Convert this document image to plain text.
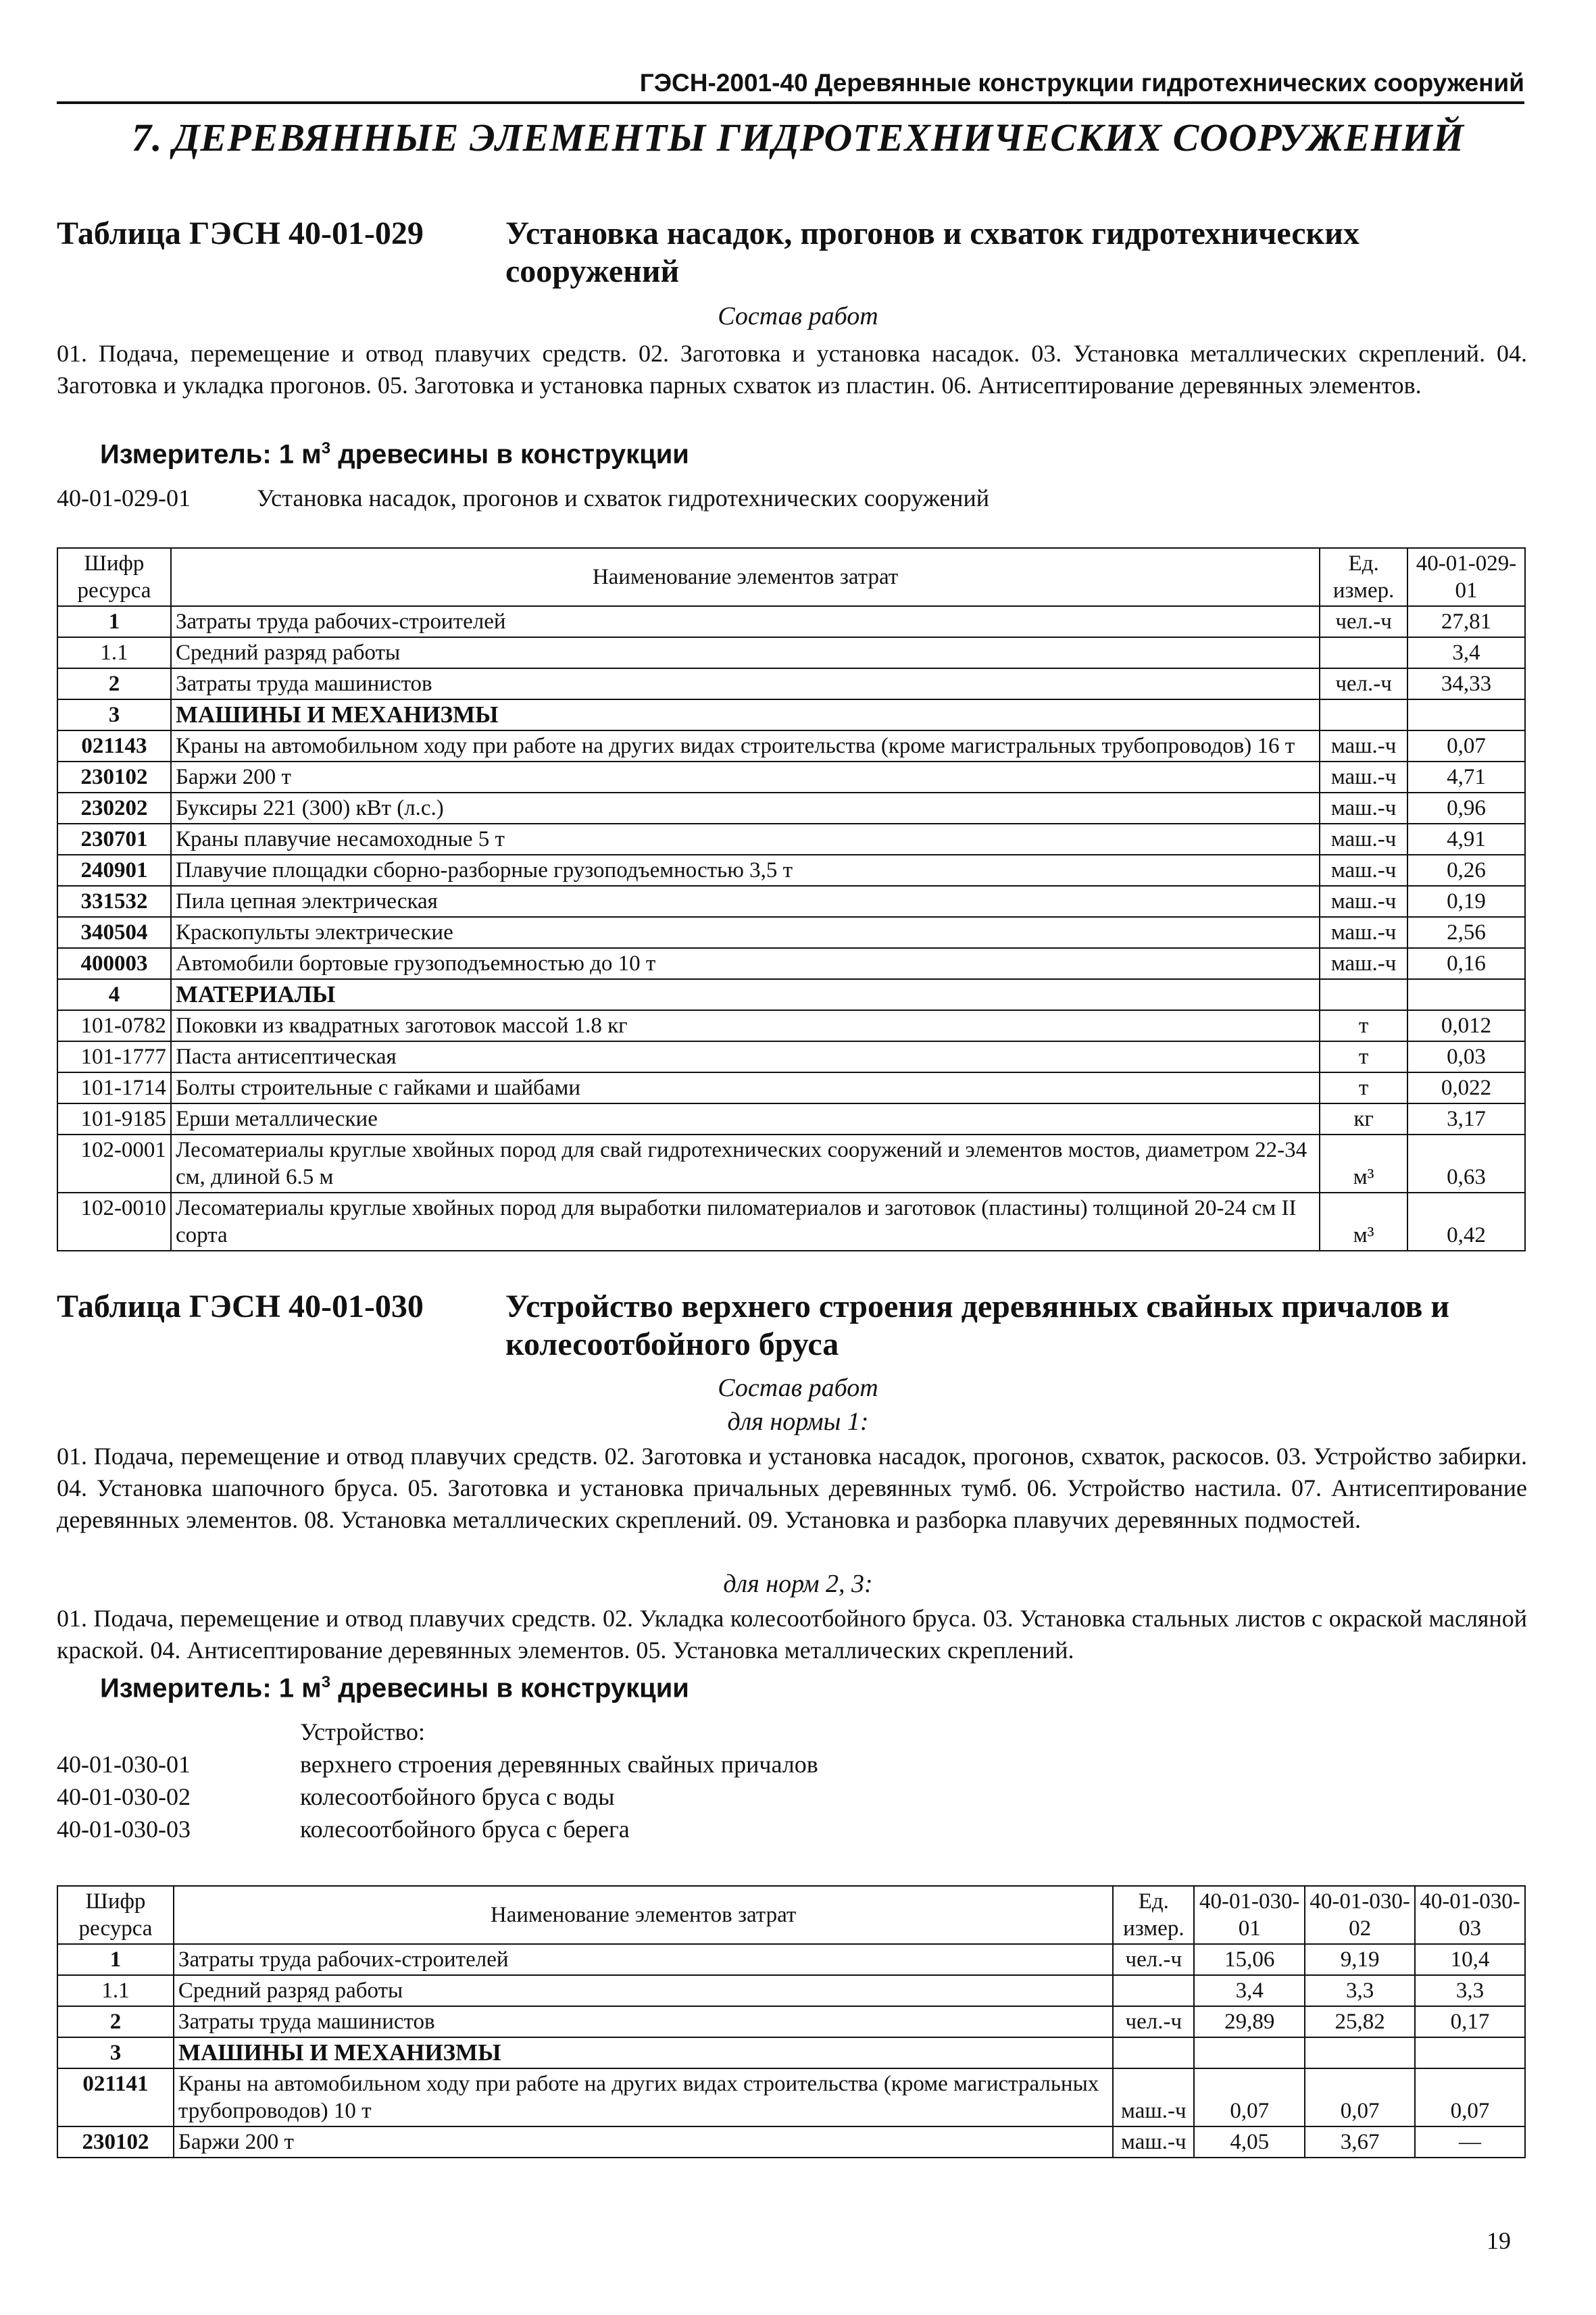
ГЭСН-2001-40 Деревянные конструкции гидротехнических сооружений
7. ДЕРЕВЯННЫЕ ЭЛЕМЕНТЫ ГИДРОТЕХНИЧЕСКИХ СООРУЖЕНИЙ
Таблица ГЭСН 40-01-029	Установка насадок, прогонов и схваток гидротехнических сооружений
Состав работ
01. Подача, перемещение и отвод плавучих средств. 02. Заготовка и установка насадок. 03. Установка металлических скреплений. 04. Заготовка и укладка прогонов. 05. Заготовка и установка парных схваток из пластин. 06. Антисептирование деревянных элементов.
Измеритель: 1 $м^3$ древесины в конструкции
40-01-029-01	Установка насадок, прогонов и схваток гидротехнических сооружений
Шифр ресурса	Наименование элементов затрат	Ед. измер.	40-01-029-01
1	Затраты труда рабочих-строителей	чел.-ч	27,81
1.1	Средний разряд работы		3,4
2	Затраты труда машинистов	чел.-ч	34,33
3	МАШИНЫ И МЕХАНИЗМЫ		
021143	Краны на автомобильном ходу при работе на других видах строительства (кроме магистральных трубопроводов) 16 т	маш.-ч	0,07
230102	Баржи 200 т	маш.-ч	4,71
230202	Буксиры 221 (300) кВт (л.с.)	маш.-ч	0,96
230701	Краны плавучие несамоходные 5 т	маш.-ч	4,91
240901	Плавучие площадки сборно-разборные грузоподъемностью 3,5 т	маш.-ч	0,26
331532	Пила цепная электрическая	маш.-ч	0,19
340504	Краскопульты электрические	маш.-ч	2,56
400003	Автомобили бортовые грузоподъемностью до 10 т	маш.-ч	0,16
4	МАТЕРИАЛЫ		
101-0782	Поковки из квадратных заготовок массой 1.8 кг	т	0,012
101-1777	Паста антисептическая	т	0,03
101-1714	Болты строительные с гайками и шайбами	т	0,022
101-9185	Ерши металлические	кг	3,17
102-0001	Лесоматериалы круглые хвойных пород для свай гидротехнических сооружений и элементов мостов, диаметром 22-34 см, длиной 6.5 м	м³	0,63
102-0010	Лесоматериалы круглые хвойных пород для выработки пиломатериалов и заготовок (пластины) толщиной 20-24 см II сорта	м³	0,42
Таблица ГЭСН 40-01-030	Устройство верхнего строения деревянных свайных причалов и колесоотбойного бруса
Состав работ
для нормы 1:
01. Подача, перемещение и отвод плавучих средств. 02. Заготовка и установка насадок, прогонов, схваток, раскосов. 03. Устройство забирки. 04. Установка шапочного бруса. 05. Заготовка и установка причальных деревянных тумб. 06. Устройство настила. 07. Антисептирование деревянных элементов. 08. Установка металлических скреплений. 09. Установка и разборка плавучих деревянных подмостей.
для норм 2, 3:
01. Подача, перемещение и отвод плавучих средств. 02. Укладка колесоотбойного бруса. 03. Установка стальных листов с окраской масляной краской. 04. Антисептирование деревянных элементов. 05. Установка металлических скреплений.
Измеритель: 1 $м^3$ древесины в конструкции
Устройство:
40-01-030-01	верхнего строения деревянных свайных причалов
40-01-030-02	колесоотбойного бруса с воды
40-01-030-03	колесоотбойного бруса с берега
Шифр ресурса	Наименование элементов затрат	Ед. измер.	40-01-030-01	40-01-030-02	40-01-030-03
1	Затраты труда рабочих-строителей	чел.-ч	15,06	9,19	10,4
1.1	Средний разряд работы		3,4	3,3	3,3
2	Затраты труда машинистов	чел.-ч	29,89	25,82	0,17
3	МАШИНЫ И МЕХАНИЗМЫ				
021141	Краны на автомобильном ходу при работе на других видах строительства (кроме магистральных трубопроводов) 10 т	маш.-ч	0,07	0,07	0,07
230102	Баржи 200 т	маш.-ч	4,05	3,67	—
19
